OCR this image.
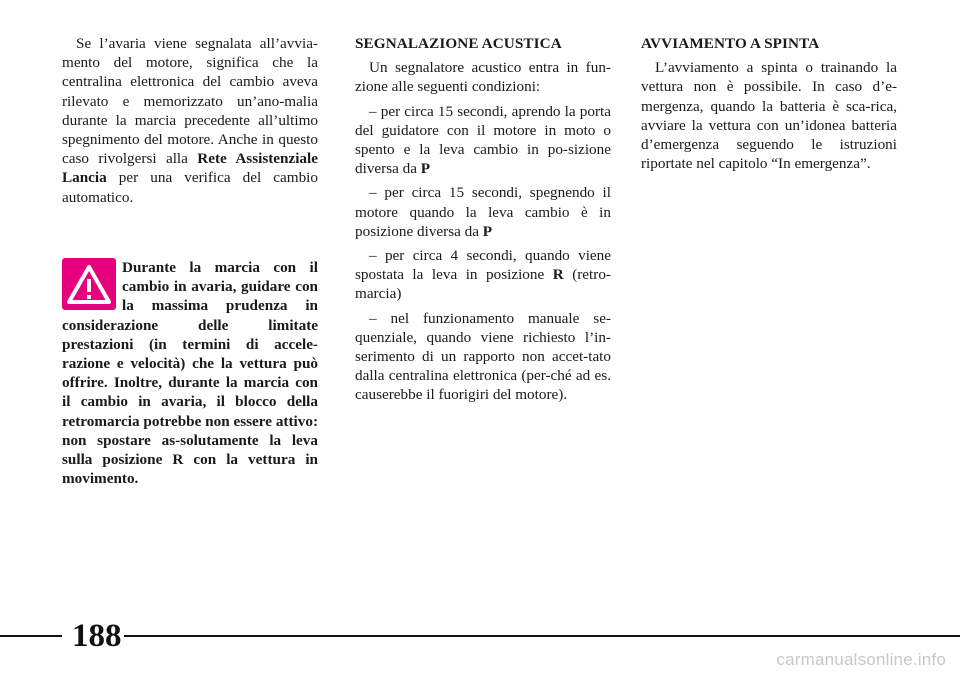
Se l’avaria viene segnalata all’avvia-mento del motore, significa che la centralina elettronica del cambio aveva rilevato e memorizzato un’ano-malia durante la marcia precedente all’ultimo spegnimento del motore. Anche in questo caso rivolgersi alla Rete Assistenziale Lancia per una verifica del cambio automatico.

Durante la marcia con il cambio in avaria, guidare con la massima prudenza in considerazione delle limitate prestazioni (in termini di accele-razione e velocità) che la vettura può offrire. Inoltre, durante la marcia con il cambio in avaria, il blocco della retromarcia potrebbe non essere attivo: non spostare as-solutamente la leva sulla posizione R con la vettura in movimento.

SEGNALAZIONE ACUSTICA

Un segnalatore acustico entra in fun-zione alle seguenti condizioni:

– per circa 15 secondi, aprendo la porta del guidatore con il motore in moto o spento e la leva cambio in po-sizione diversa da P

– per circa 15 secondi, spegnendo il motore quando la leva cambio è in posizione diversa da P

– per circa 4 secondi, quando viene spostata la leva in posizione R (retro-marcia)

– nel funzionamento manuale se-quenziale, quando viene richiesto l’in-serimento di un rapporto non accet-tato dalla centralina elettronica (per-ché ad es. causerebbe il fuorigiri del motore).

AVVIAMENTO A SPINTA

L’avviamento a spinta o trainando la vettura non è possibile. In caso d’e-mergenza, quando la batteria è sca-rica, avviare la vettura con un’idonea batteria d’emergenza seguendo le istruzioni riportate nel capitolo “In emergenza”.

188
carmanualsonline.info
